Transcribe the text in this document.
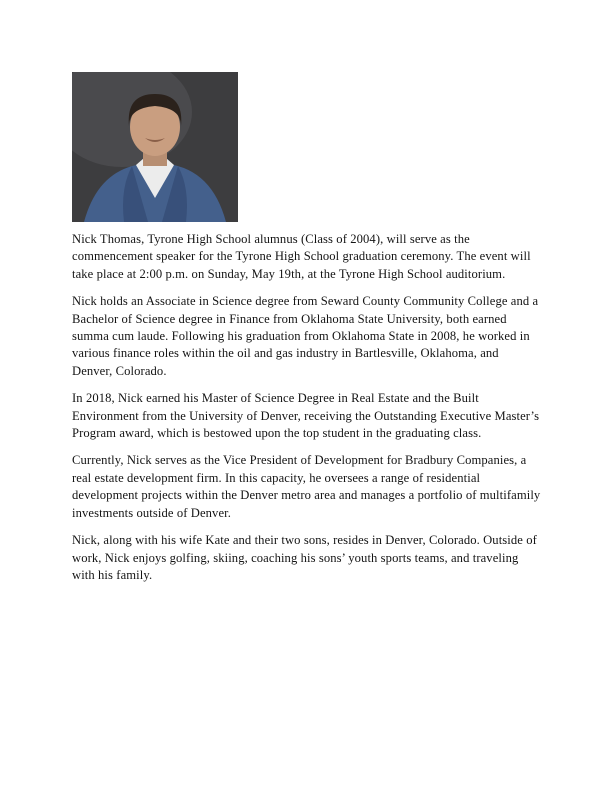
Nick Thomas, Tyrone High School alumnus (Class of 2004), will serve as the commencement speaker for the Tyrone High School graduation ceremony. The event will take place at 2:00 p.m. on Sunday, May 19th, at the Tyrone High School auditorium.

Nick holds an Associate in Science degree from Seward County Community College and a Bachelor of Science degree in Finance from Oklahoma State University, both earned summa cum laude. Following his graduation from Oklahoma State in 2008, he worked in various finance roles within the oil and gas industry in Bartlesville, Oklahoma, and Denver, Colorado.

In 2018, Nick earned his Master of Science Degree in Real Estate and the Built Environment from the University of Denver, receiving the Outstanding Executive Master’s Program award, which is bestowed upon the top student in the graduating class.

Currently, Nick serves as the Vice President of Development for Bradbury Companies, a real estate development firm. In this capacity, he oversees a range of residential development projects within the Denver metro area and manages a portfolio of multifamily investments outside of Denver.

Nick, along with his wife Kate and their two sons, resides in Denver, Colorado. Outside of work, Nick enjoys golfing, skiing, coaching his sons’ youth sports teams, and traveling with his family.
